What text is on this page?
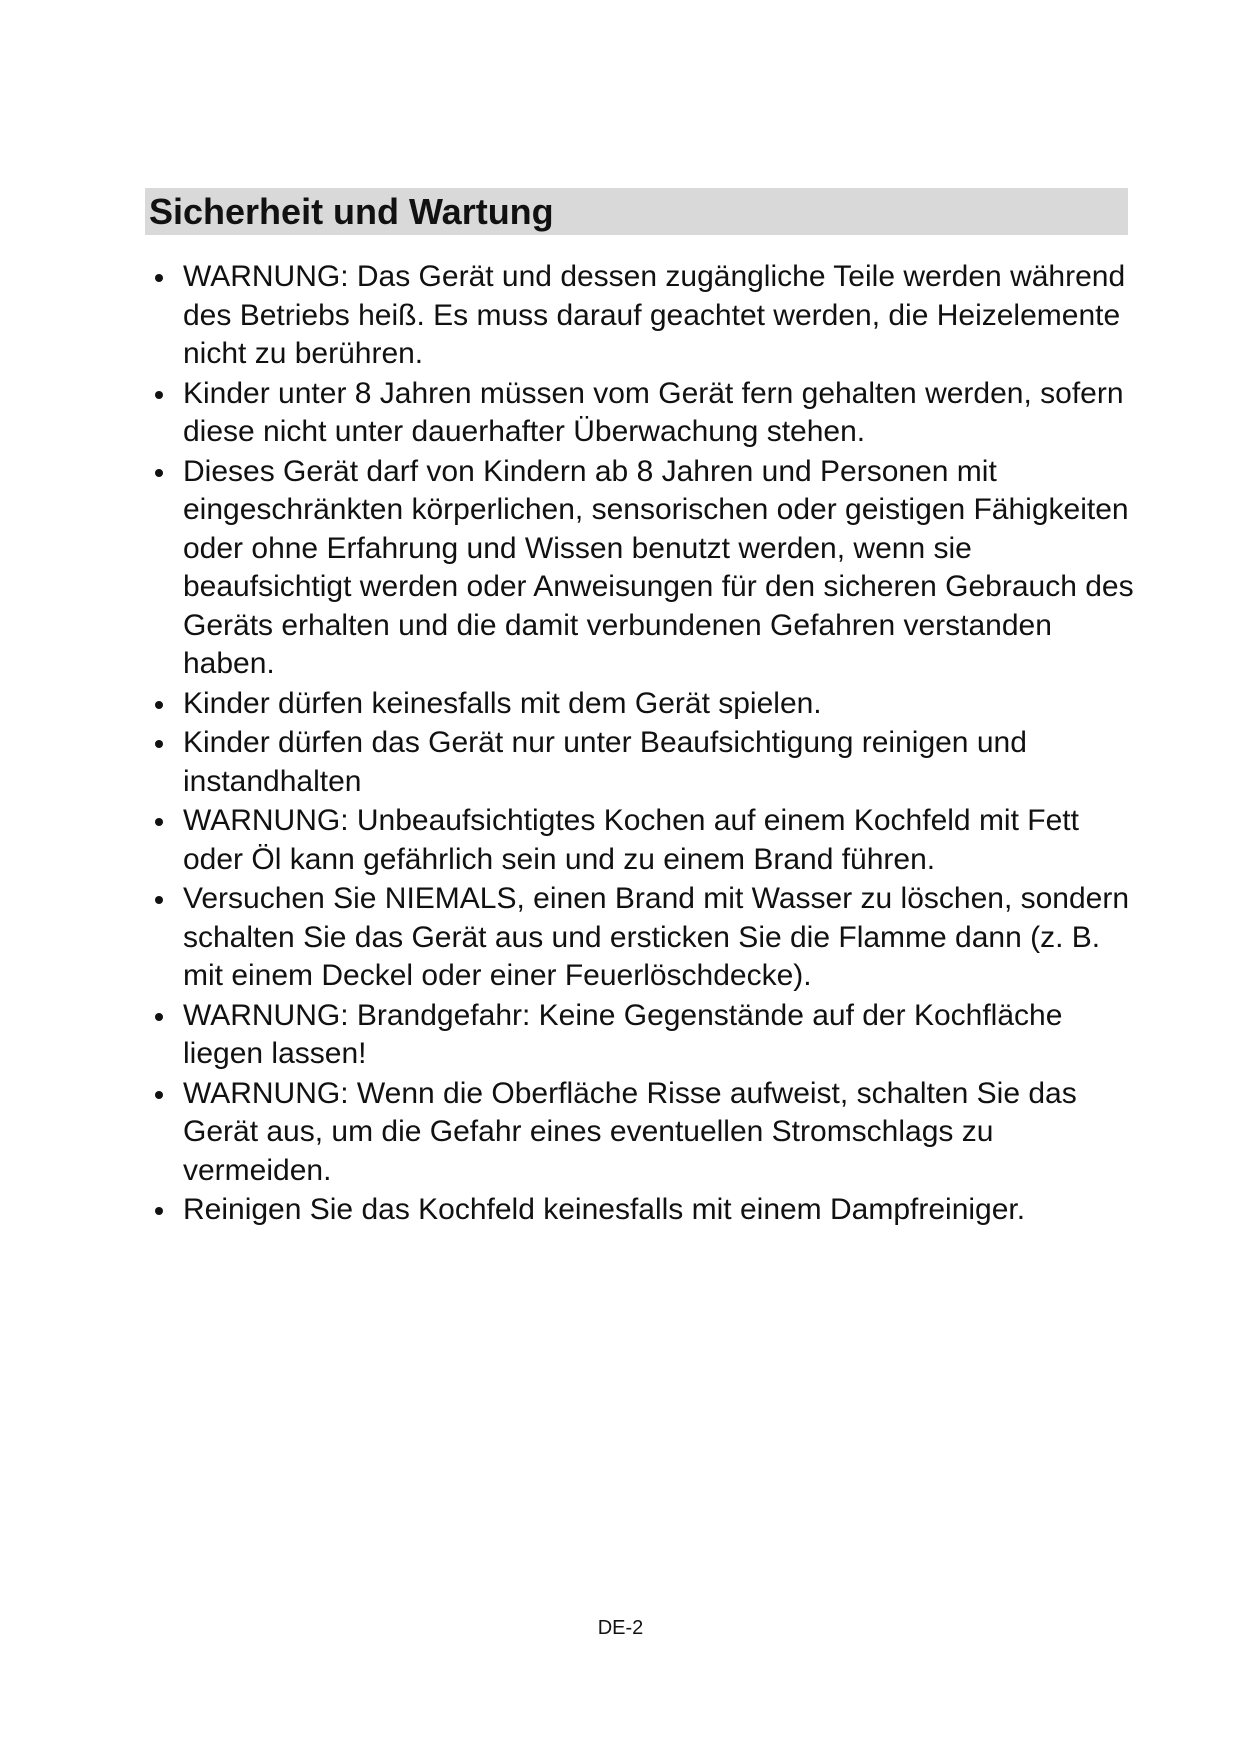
Sicherheit und Wartung
WARNUNG: Das Gerät und dessen zugängliche Teile werden während des Betriebs heiß. Es muss darauf geachtet werden, die Heizelemente nicht zu berühren.
Kinder unter 8 Jahren müssen vom Gerät fern gehalten werden, sofern diese nicht unter dauerhafter Überwachung stehen.
Dieses Gerät darf von Kindern ab 8 Jahren und Personen mit eingeschränkten körperlichen, sensorischen oder geistigen Fähigkeiten oder ohne Erfahrung und Wissen benutzt werden, wenn sie beaufsichtigt werden oder Anweisungen für den sicheren Gebrauch des Geräts erhalten und die damit verbundenen Gefahren verstanden haben.
Kinder dürfen keinesfalls mit dem Gerät spielen.
Kinder dürfen das Gerät nur unter Beaufsichtigung reinigen und instandhalten
WARNUNG: Unbeaufsichtigtes Kochen auf einem Kochfeld mit Fett oder Öl kann gefährlich sein und zu einem Brand führen.
Versuchen Sie NIEMALS, einen Brand mit Wasser zu löschen, sondern schalten Sie das Gerät aus und ersticken Sie die Flamme dann (z. B. mit einem Deckel oder einer Feuerlöschdecke).
WARNUNG: Brandgefahr: Keine Gegenstände auf der Kochfläche liegen lassen!
WARNUNG: Wenn die Oberfläche Risse aufweist, schalten Sie das Gerät aus, um die Gefahr eines eventuellen Stromschlags zu vermeiden.
Reinigen Sie das Kochfeld keinesfalls mit einem Dampfreiniger.
DE-2
